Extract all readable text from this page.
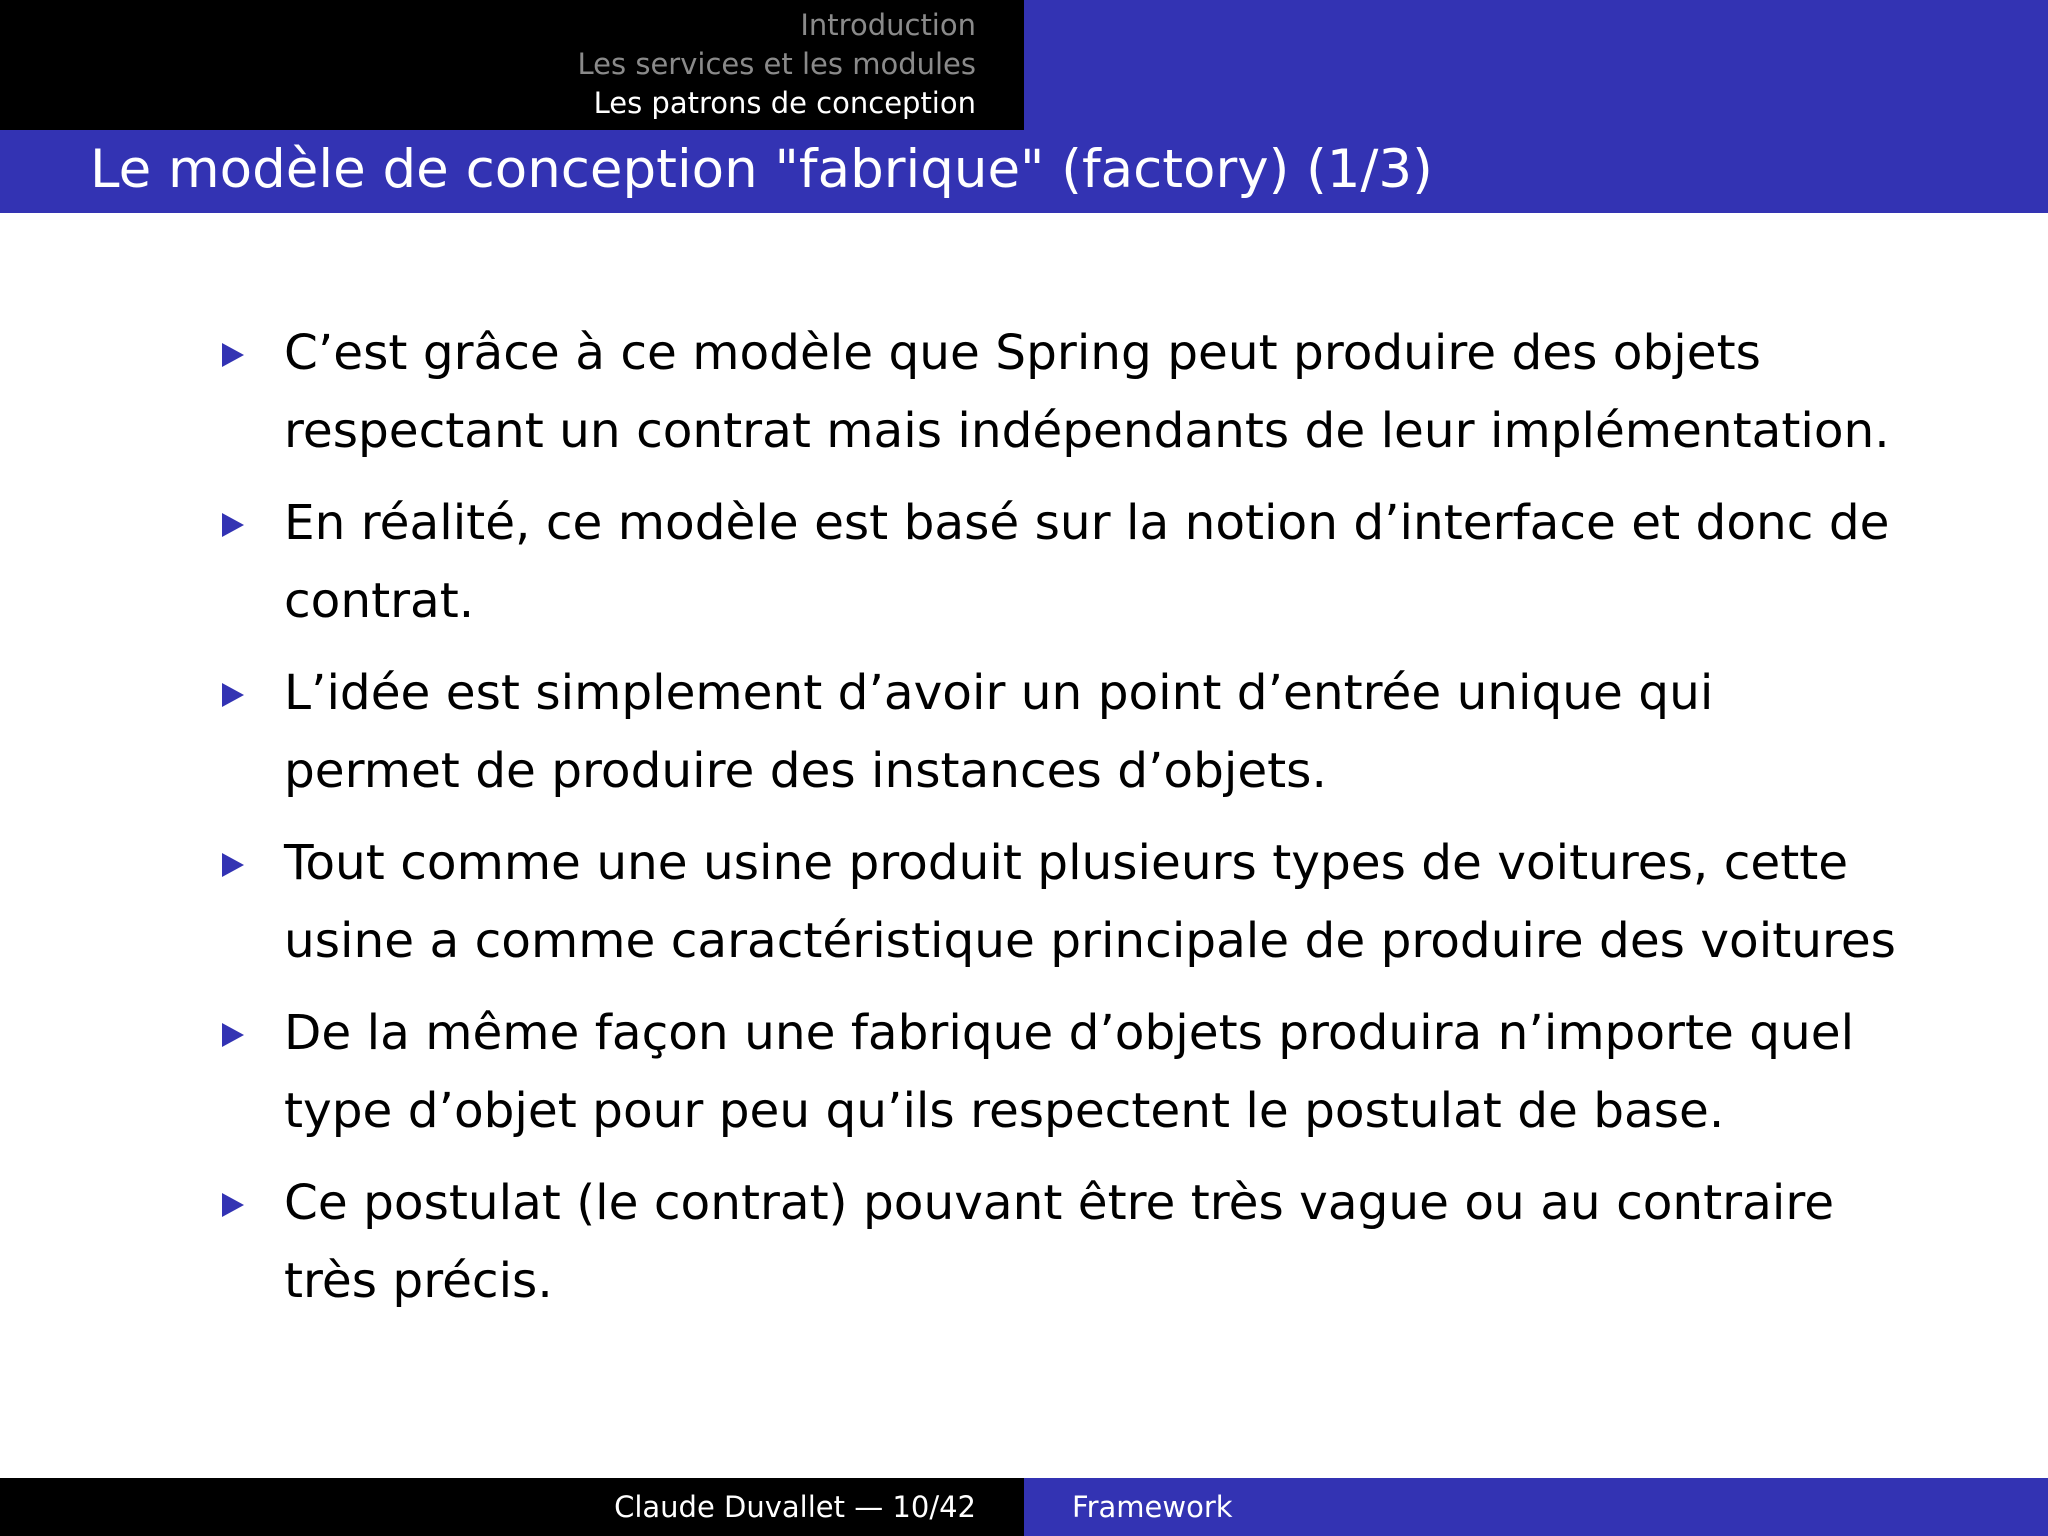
Introduction
Les services et les modules
Les patrons de conception
Le modèle de conception "fabrique" (factory) (1/3)
C’est grâce à ce modèle que Spring peut produire des objets respectant un contrat mais indépendants de leur implémentation.
En réalité, ce modèle est basé sur la notion d’interface et donc de contrat.
L’idée est simplement d’avoir un point d’entrée unique qui permet de produire des instances d’objets.
Tout comme une usine produit plusieurs types de voitures, cette usine a comme caractéristique principale de produire des voitures
De la même façon une fabrique d’objets produira n’importe quel type d’objet pour peu qu’ils respectent le postulat de base.
Ce postulat (le contrat) pouvant être très vague ou au contraire très précis.
Claude Duvallet — 10/42	Framework
